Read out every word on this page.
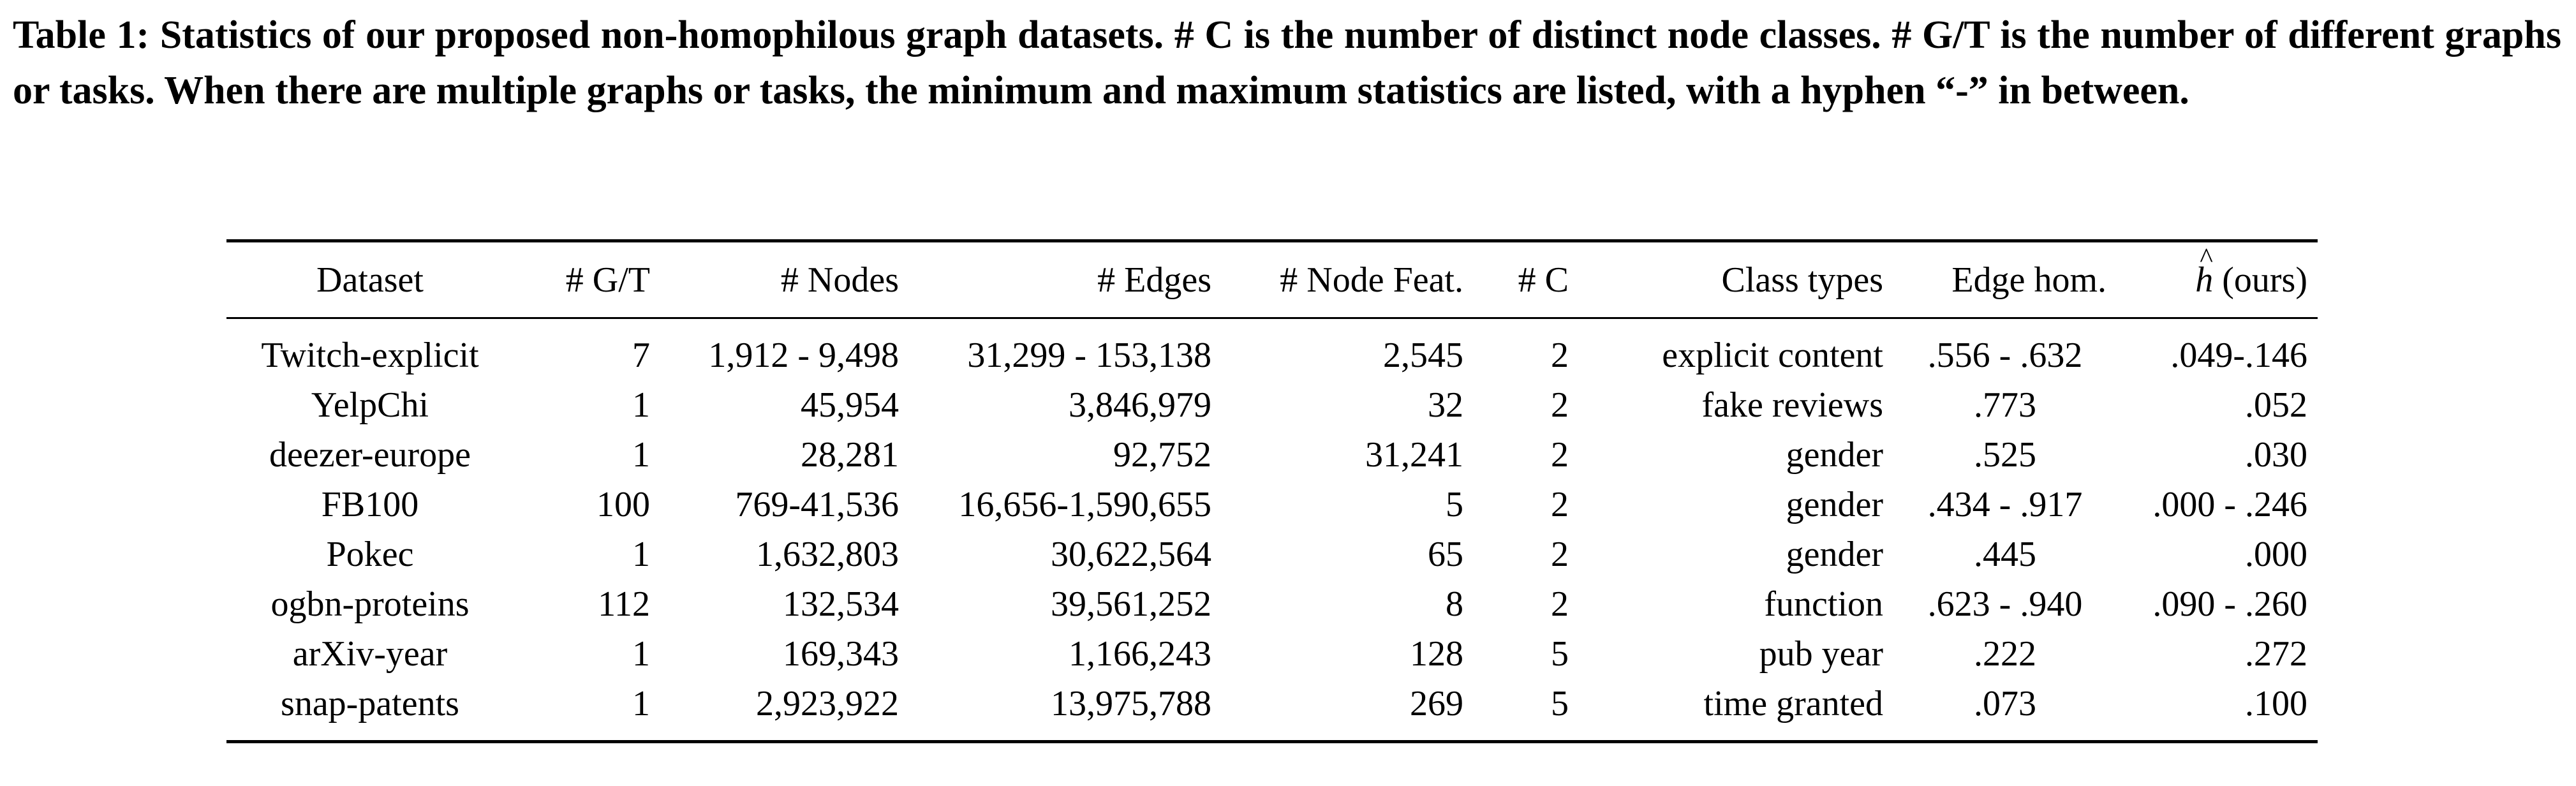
Table 1: Statistics of our proposed non-homophilous graph datasets. # C is the number of distinct node classes. # G/T is the number of different graphs or tasks. When there are multiple graphs or tasks, the minimum and maximum statistics are listed, with a hyphen “-” in between.
Dataset	# G/T	# Nodes	# Edges	# Node Feat.	# C	Class types	Edge hom.	^ h (ours)
Twitch-explicit	7	1,912 - 9,498	31,299 - 153,138	2,545	2	explicit content	.556 - .632	.049-.146
YelpChi	1	45,954	3,846,979	32	2	fake reviews	.773	.052
deezer-europe	1	28,281	92,752	31,241	2	gender	.525	.030
FB100	100	769-41,536	16,656-1,590,655	5	2	gender	.434 - .917	.000 - .246
Pokec	1	1,632,803	30,622,564	65	2	gender	.445	.000
ogbn-proteins	112	132,534	39,561,252	8	2	function	.623 - .940	.090 - .260
arXiv-year	1	169,343	1,166,243	128	5	pub year	.222	.272
snap-patents	1	2,923,922	13,975,788	269	5	time granted	.073	.100
